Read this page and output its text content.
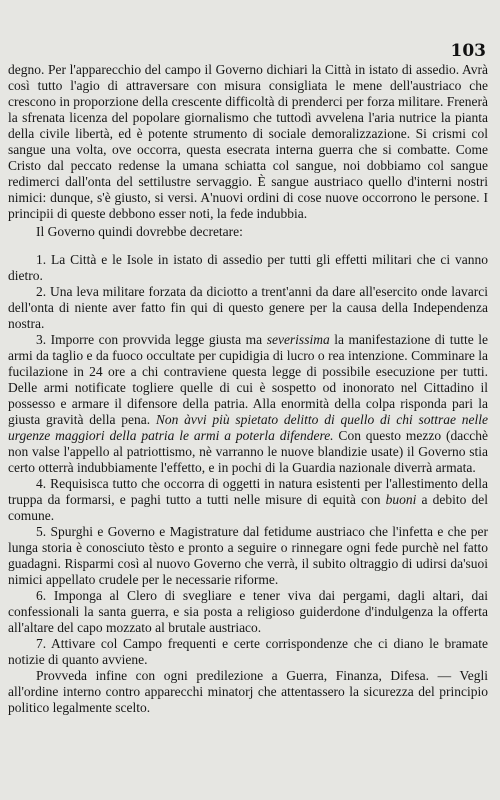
103

degno. Per l'apparecchio del campo il Governo dichiari la Città in istato di assedio. Avrà così tutto l'agio di attraversare con misura consigliata le mene dell'austriaco che crescono in proporzione della crescente difficoltà di prenderci per forza militare. Frenerà la sfrenata licenza del popolare giornalismo che tuttodì avvelena l'aria nutrice la pianta della civile libertà, ed è potente strumento di sociale demoralizzazione. Si crismi col sangue una volta, ove occorra, questa esecrata interna guerra che si combatte. Come Cristo dal peccato redense la umana schiatta col sangue, noi dobbiamo col sangue redimerci dall'onta del settilustre servaggio. È sangue austriaco quello d'interni nostri nimici: dunque, s'è giusto, si versi. A'nuovi ordini di cose nuove occorrono le persone. I principii di queste debbono esser noti, la fede indubbia.

Il Governo quindi dovrebbe decretare:

1. La Città e le Isole in istato di assedio per tutti gli effetti militari che ci vanno dietro.

2. Una leva militare forzata da diciotto a trent'anni da dare all'esercito onde lavarci dell'onta di niente aver fatto fin qui di questo genere per la causa della Independenza nostra.

3. Imporre con provvida legge giusta ma severissima la manifestazione di tutte le armi da taglio e da fuoco occultate per cupidigia di lucro o rea intenzione. Comminare la fucilazione in 24 ore a chi contraviene questa legge di possibile esecuzione per tutti. Delle armi notificate togliere quelle di cui è sospetto od inonorato nel Cittadino il possesso e armare il difensore della patria. Alla enormità della colpa risponda pari la giusta gravità della pena. Non àvvi più spietato delitto di quello di chi sottrae nelle urgenze maggiori della patria le armi a poterla difendere. Con questo mezzo (dacchè non valse l'appello al patriottismo, nè varranno le nuove blandizie usate) il Governo stia certo otterrà indubbiamente l'effetto, e in pochi di la Guardia nazionale diverrà armata.

4. Requisisca tutto che occorra di oggetti in natura esistenti per l'allestimento della truppa da formarsi, e paghi tutto a tutti nelle misure di equità con buoni a debito del comune.

5. Spurghi e Governo e Magistrature dal fetidume austriaco che l'infetta e che per lunga storia è conosciuto tèsto e pronto a seguire o rinnegare ogni fede purchè nel fatto guadagni. Risparmi così al nuovo Governo che verrà, il subito oltraggio di udirsi da'suoi nimici appellato crudele per le necessarie riforme.

6. Imponga al Clero di svegliare e tener viva dai pergami, dagli altari, dai confessionali la santa guerra, e sia posta a religioso guiderdone d'indulgenza la offerta all'altare del capo mozzato al brutale austriaco.

7. Attivare col Campo frequenti e certe corrispondenze che ci diano le bramate notizie di quanto avviene.

Provveda infine con ogni predilezione a Guerra, Finanza, Difesa. — Vegli all'ordine interno contro apparecchi minatorj che attentassero la sicurezza del principio politico legalmente scelto.
